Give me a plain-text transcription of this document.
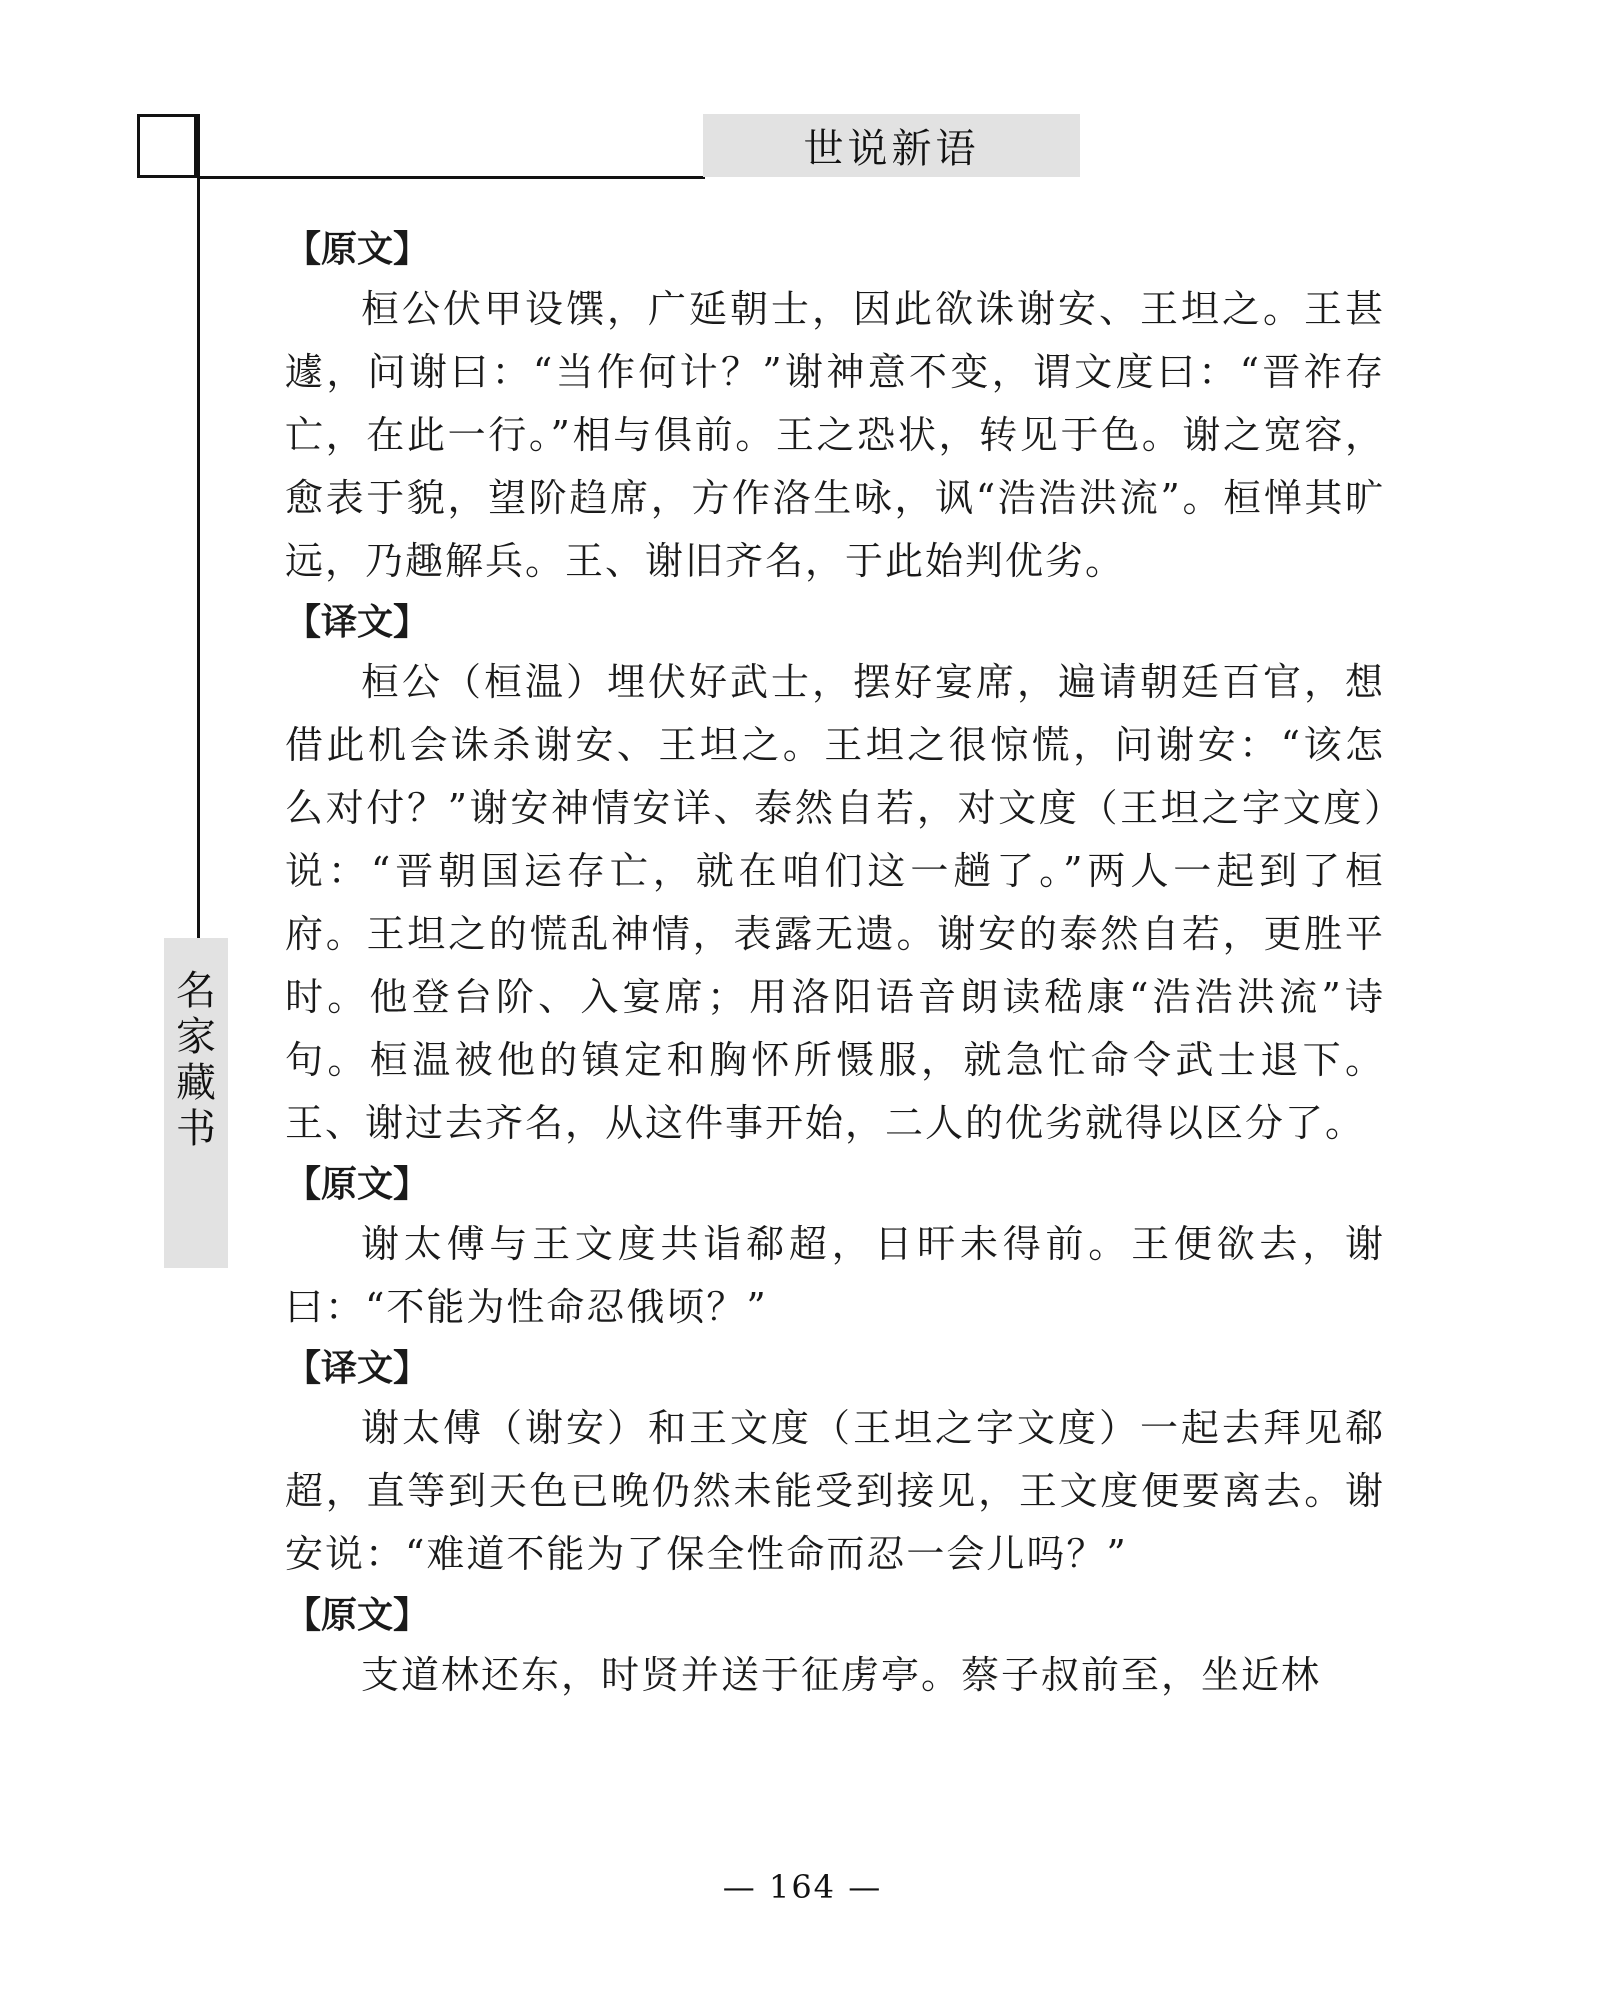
世说新语
名
家
藏
书
【原文】

桓公伏甲设馔，广延朝士，因此欲诛谢安、王坦之。王甚遽，问谢曰：“当作何计？”谢神意不变，谓文度曰：“晋祚存亡，在此一行。”相与俱前。王之恐状，转见于色。谢之宽容，愈表于貌，望阶趋席，方作洛生咏，讽“浩浩洪流”。桓惮其旷远，乃趣解兵。王、谢旧齐名，于此始判优劣。

【译文】

桓公（桓温）埋伏好武士，摆好宴席，遍请朝廷百官，想借此机会诛杀谢安、王坦之。王坦之很惊慌，问谢安：“该怎么对付？”谢安神情安详、泰然自若，对文度（王坦之字文度）说：“晋朝国运存亡，就在咱们这一趟了。”两人一起到了桓府。王坦之的慌乱神情，表露无遗。谢安的泰然自若，更胜平时。他登台阶、入宴席；用洛阳语音朗读嵇康“浩浩洪流”诗句。桓温被他的镇定和胸怀所慑服，就急忙命令武士退下。王、谢过去齐名，从这件事开始，二人的优劣就得以区分了。

【原文】

谢太傅与王文度共诣郗超，日旰未得前。王便欲去，谢曰：“不能为性命忍俄顷？”

【译文】

谢太傅（谢安）和王文度（王坦之字文度）一起去拜见郗超，直等到天色已晚仍然未能受到接见，王文度便要离去。谢安说：“难道不能为了保全性命而忍一会儿吗？”

【原文】

支道林还东，时贤并送于征虏亭。蔡子叔前至，坐近林

— 164 —
